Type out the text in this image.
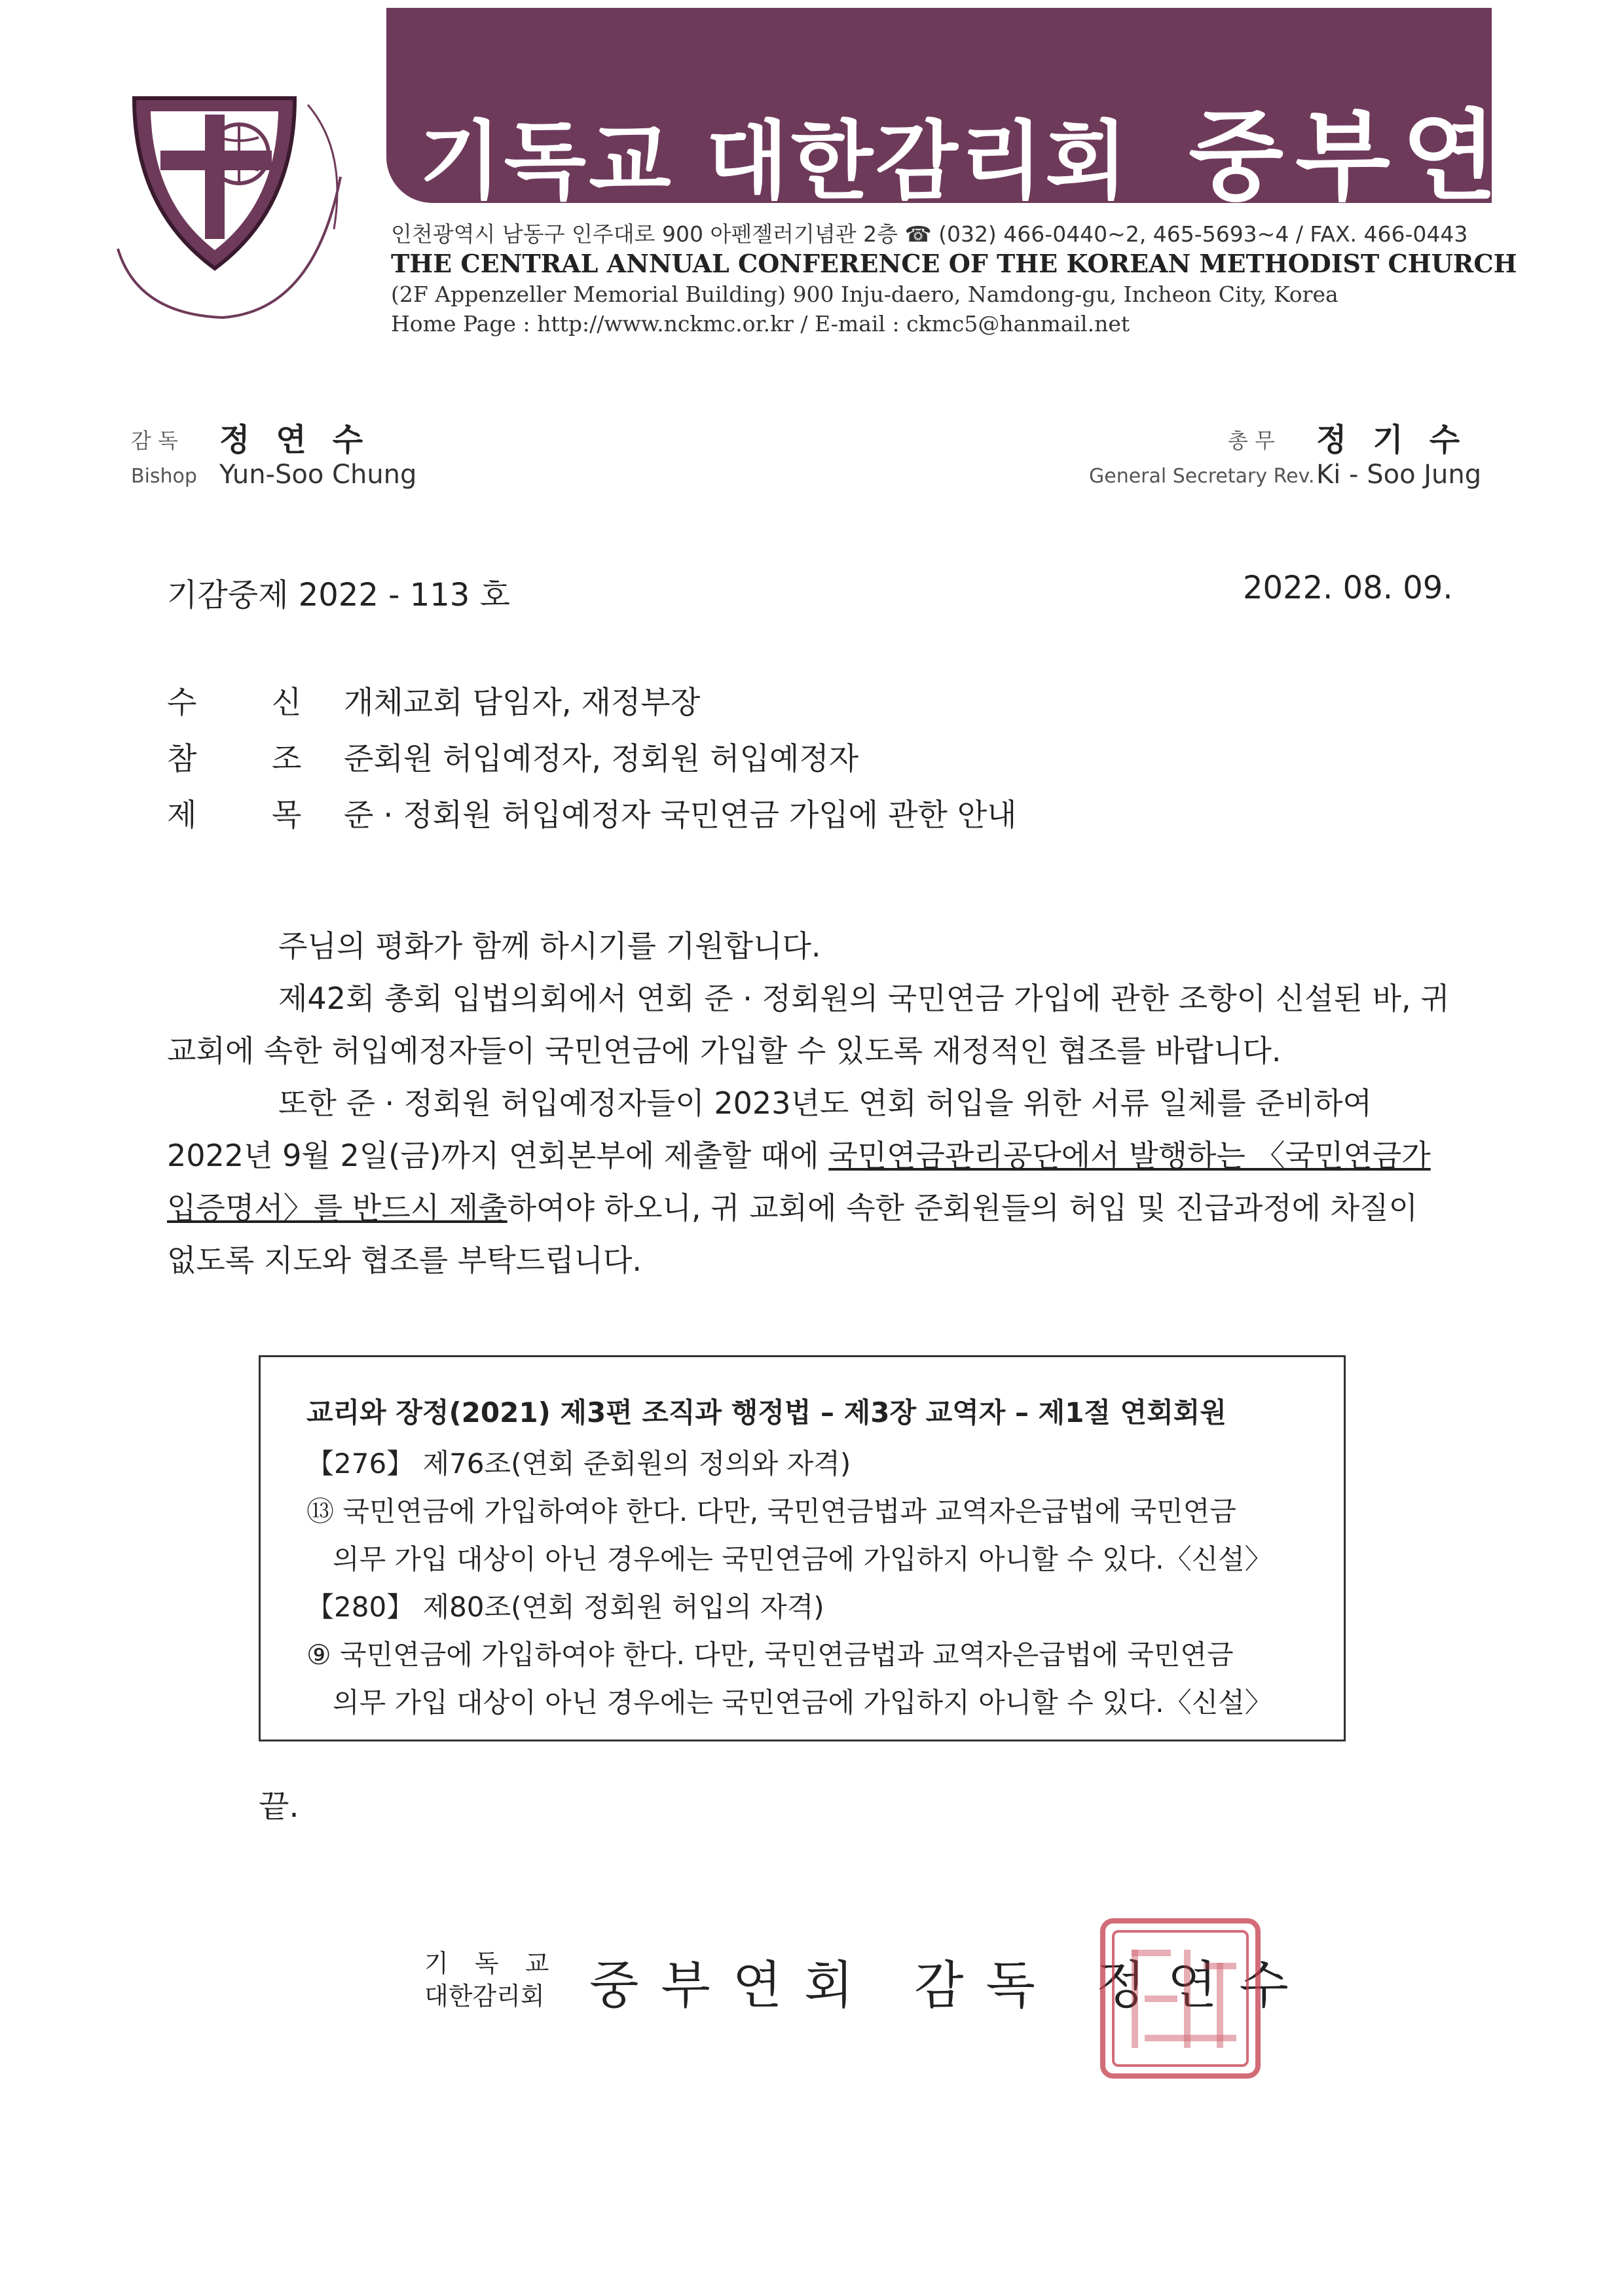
기독교 대한감리회 중부연회
인천광역시 남동구 인주대로 900 아펜젤러기념관 2층 ☎ (032) 466-0440~2, 465-5693~4 / FAX. 466-0443
THE CENTRAL ANNUAL CONFERENCE OF THE KOREAN METHODIST CHURCH
(2F Appenzeller Memorial Building) 900 Inju-daero, Namdong-gu, Incheon City, Korea
Home Page : http://www.nckmc.or.kr / E-mail : ckmc5@hanmail.net
감 독 정연수
Bishop Yun-Soo Chung
총 무 정기수
General Secretary Rev. Ki - Soo Jung
기감중제 2022 - 113 호	2022. 08. 09.
수 신 개체교회 담임자, 재정부장
참 조 준회원 허입예정자, 정회원 허입예정자
제 목 준 · 정회원 허입예정자 국민연금 가입에 관한 안내

주님의 평화가 함께 하시기를 기원합니다.

제42회 총회 입법의회에서 연회 준 · 정회원의 국민연금 가입에 관한 조항이 신설된 바, 귀 교회에 속한 허입예정자들이 국민연금에 가입할 수 있도록 재정적인 협조를 바랍니다.

또한 준 · 정회원 허입예정자들이 2023년도 연회 허입을 위한 서류 일체를 준비하여 2022년 9월 2일(금)까지 연회본부에 제출할 때에 국민연금관리공단에서 발행하는 〈국민연금가입증명서〉를 반드시 제출하여야 하오니, 귀 교회에 속한 준회원들의 허입 및 진급과정에 차질이 없도록 지도와 협조를 부탁드립니다.

교리와 장정(2021) 제3편 조직과 행정법 – 제3장 교역자 – 제1절 연회회원
【276】 제76조(연회 준회원의 정의와 자격)
⑬ 국민연금에 가입하여야 한다. 다만, 국민연금법과 교역자은급법에 국민연금
의무 가입 대상이 아닌 경우에는 국민연금에 가입하지 아니할 수 있다.〈신설〉
【280】 제80조(연회 정회원 허입의 자격)
⑨ 국민연금에 가입하여야 한다. 다만, 국민연금법과 교역자은급법에 국민연금
의무 가입 대상이 아닌 경우에는 국민연금에 가입하지 아니할 수 있다.〈신설〉
끝.
기 독 교
대한감리회 중부연회 감독 정연수
